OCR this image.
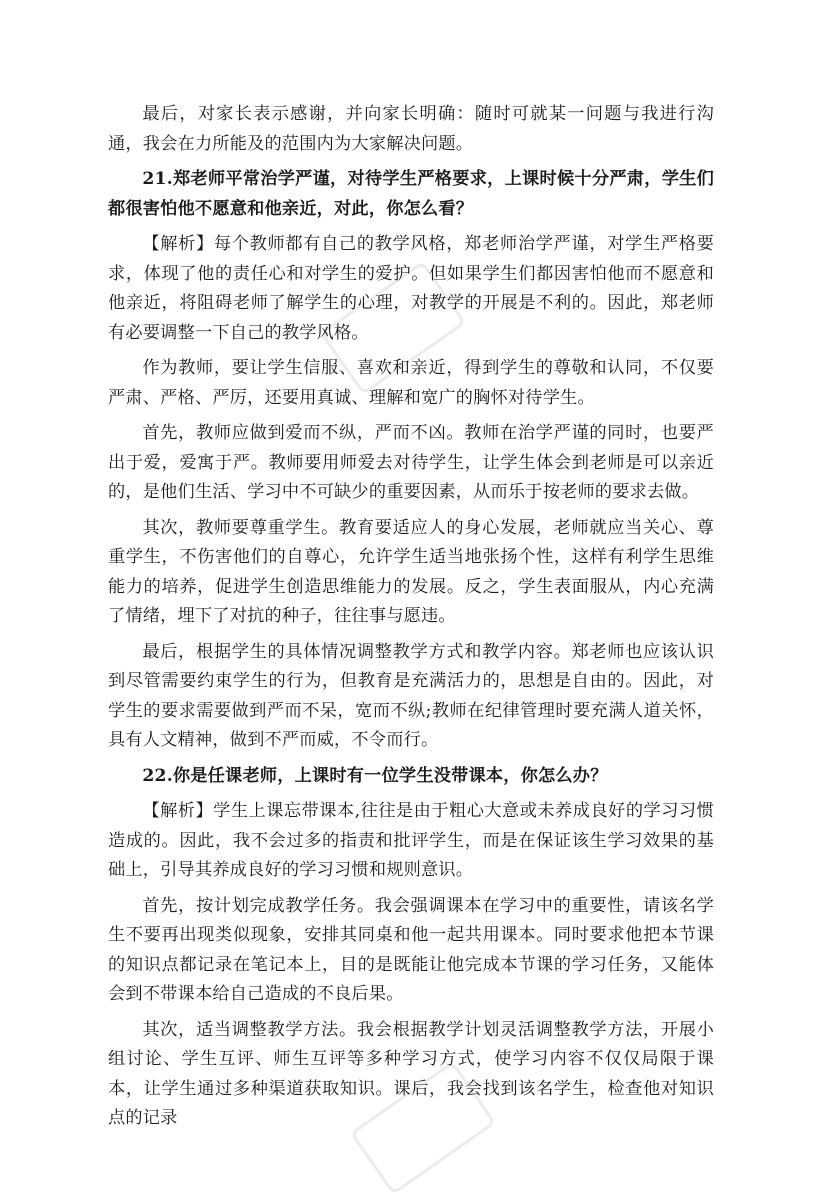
最后，对家长表示感谢，并向家长明确：随时可就某一问题与我进行沟通，我会在力所能及的范围内为大家解决问题。

21.郑老师平常治学严谨，对待学生严格要求，上课时候十分严肃，学生们都很害怕他不愿意和他亲近，对此，你怎么看？

【解析】每个教师都有自己的教学风格，郑老师治学严谨，对学生严格要求，体现了他的责任心和对学生的爱护。但如果学生们都因害怕他而不愿意和他亲近，将阻碍老师了解学生的心理，对教学的开展是不利的。因此，郑老师有必要调整一下自己的教学风格。

作为教师，要让学生信服、喜欢和亲近，得到学生的尊敬和认同，不仅要严肃、严格、严厉，还要用真诚、理解和宽广的胸怀对待学生。

首先，教师应做到爱而不纵，严而不凶。教师在治学严谨的同时，也要严出于爱，爱寓于严。教师要用师爱去对待学生，让学生体会到老师是可以亲近的，是他们生活、学习中不可缺少的重要因素，从而乐于按老师的要求去做。

其次，教师要尊重学生。教育要适应人的身心发展，老师就应当关心、尊重学生，不伤害他们的自尊心，允许学生适当地张扬个性，这样有利学生思维能力的培养，促进学生创造思维能力的发展。反之，学生表面服从，内心充满了情绪，埋下了对抗的种子，往往事与愿违。

最后，根据学生的具体情况调整教学方式和教学内容。郑老师也应该认识到尽管需要约束学生的行为，但教育是充满活力的，思想是自由的。因此，对学生的要求需要做到严而不呆，宽而不纵;教师在纪律管理时要充满人道关怀，具有人文精神，做到不严而威，不令而行。

22.你是任课老师，上课时有一位学生没带课本，你怎么办？

【解析】学生上课忘带课本,往往是由于粗心大意或未养成良好的学习习惯造成的。因此，我不会过多的指责和批评学生，而是在保证该生学习效果的基础上，引导其养成良好的学习习惯和规则意识。

首先，按计划完成教学任务。我会强调课本在学习中的重要性，请该名学生不要再出现类似现象，安排其同桌和他一起共用课本。同时要求他把本节课的知识点都记录在笔记本上，目的是既能让他完成本节课的学习任务，又能体会到不带课本给自己造成的不良后果。

其次，适当调整教学方法。我会根据教学计划灵活调整教学方法，开展小组讨论、学生互评、师生互评等多种学习方式，使学习内容不仅仅局限于课本，让学生通过多种渠道获取知识。课后，我会找到该名学生，检查他对知识点的记录
